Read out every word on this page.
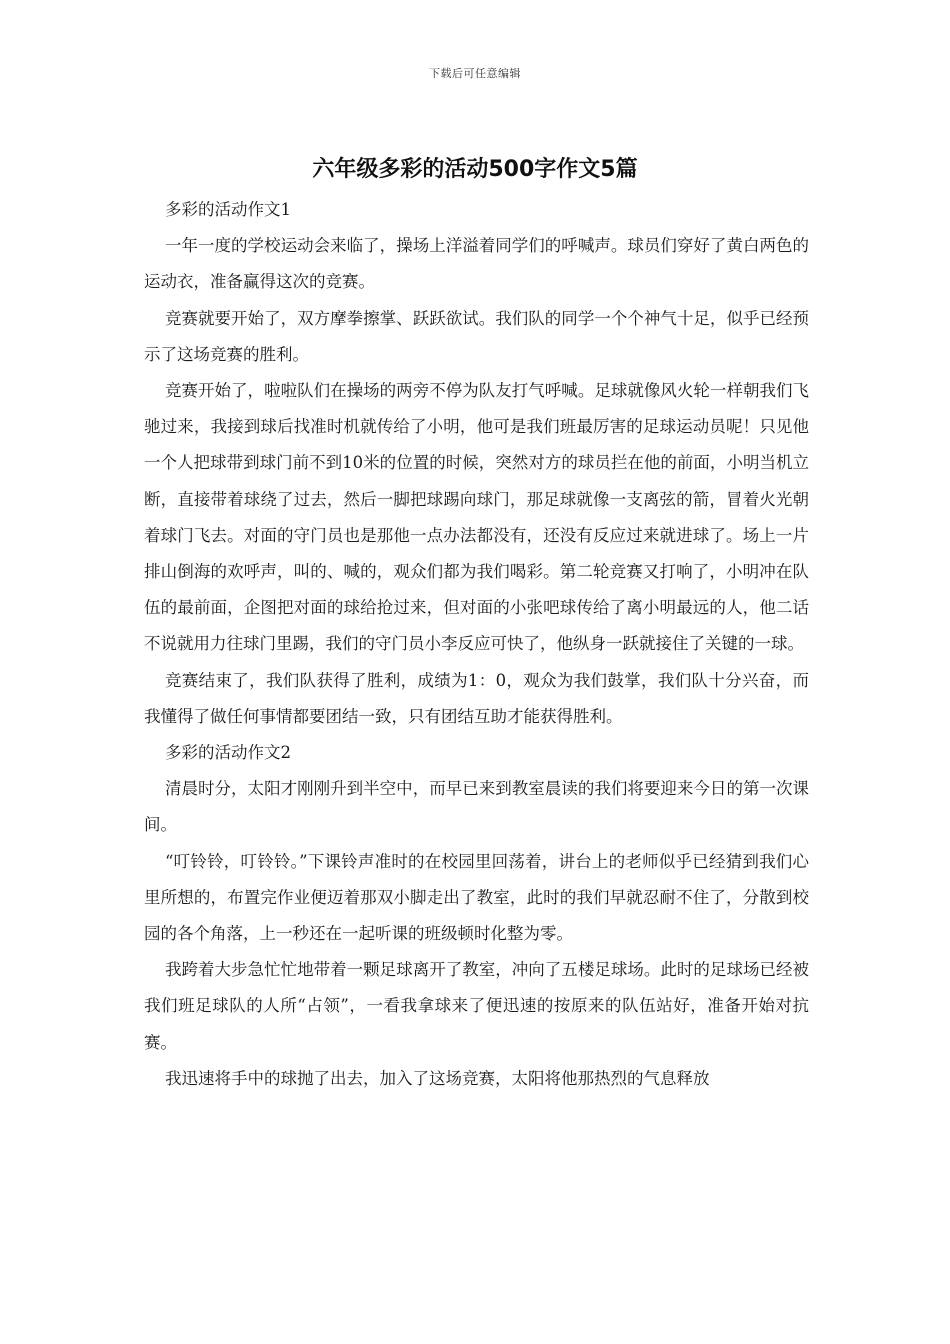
下载后可任意编辑
六年级多彩的活动500字作文5篇

多彩的活动作文1

一年一度的学校运动会来临了，操场上洋溢着同学们的呼喊声。球员们穿好了黄白两色的运动衣，准备赢得这次的竞赛。

竞赛就要开始了，双方摩拳擦掌、跃跃欲试。我们队的同学一个个神气十足，似乎已经预示了这场竞赛的胜利。

竞赛开始了，啦啦队们在操场的两旁不停为队友打气呼喊。足球就像风火轮一样朝我们飞驰过来，我接到球后找准时机就传给了小明，他可是我们班最厉害的足球运动员呢！只见他一个人把球带到球门前不到10米的位置的时候，突然对方的球员拦在他的前面，小明当机立断，直接带着球绕了过去，然后一脚把球踢向球门，那足球就像一支离弦的箭，冒着火光朝着球门飞去。对面的守门员也是那他一点办法都没有，还没有反应过来就进球了。场上一片排山倒海的欢呼声，叫的、喊的，观众们都为我们喝彩。第二轮竞赛又打响了，小明冲在队伍的最前面，企图把对面的球给抢过来，但对面的小张吧球传给了离小明最远的人，他二话不说就用力往球门里踢，我们的守门员小李反应可快了，他纵身一跃就接住了关键的一球。

竞赛结束了，我们队获得了胜利，成绩为1：0，观众为我们鼓掌，我们队十分兴奋，而我懂得了做任何事情都要团结一致，只有团结互助才能获得胜利。

多彩的活动作文2

清晨时分，太阳才刚刚升到半空中，而早已来到教室晨读的我们将要迎来今日的第一次课间。

“叮铃铃，叮铃铃。”下课铃声准时的在校园里回荡着，讲台上的老师似乎已经猜到我们心里所想的，布置完作业便迈着那双小脚走出了教室，此时的我们早就忍耐不住了，分散到校园的各个角落，上一秒还在一起听课的班级顿时化整为零。

我跨着大步急忙忙地带着一颗足球离开了教室，冲向了五楼足球场。此时的足球场已经被我们班足球队的人所“占领”，一看我拿球来了便迅速的按原来的队伍站好，准备开始对抗赛。

我迅速将手中的球抛了出去，加入了这场竞赛，太阳将他那热烈的气息释放
